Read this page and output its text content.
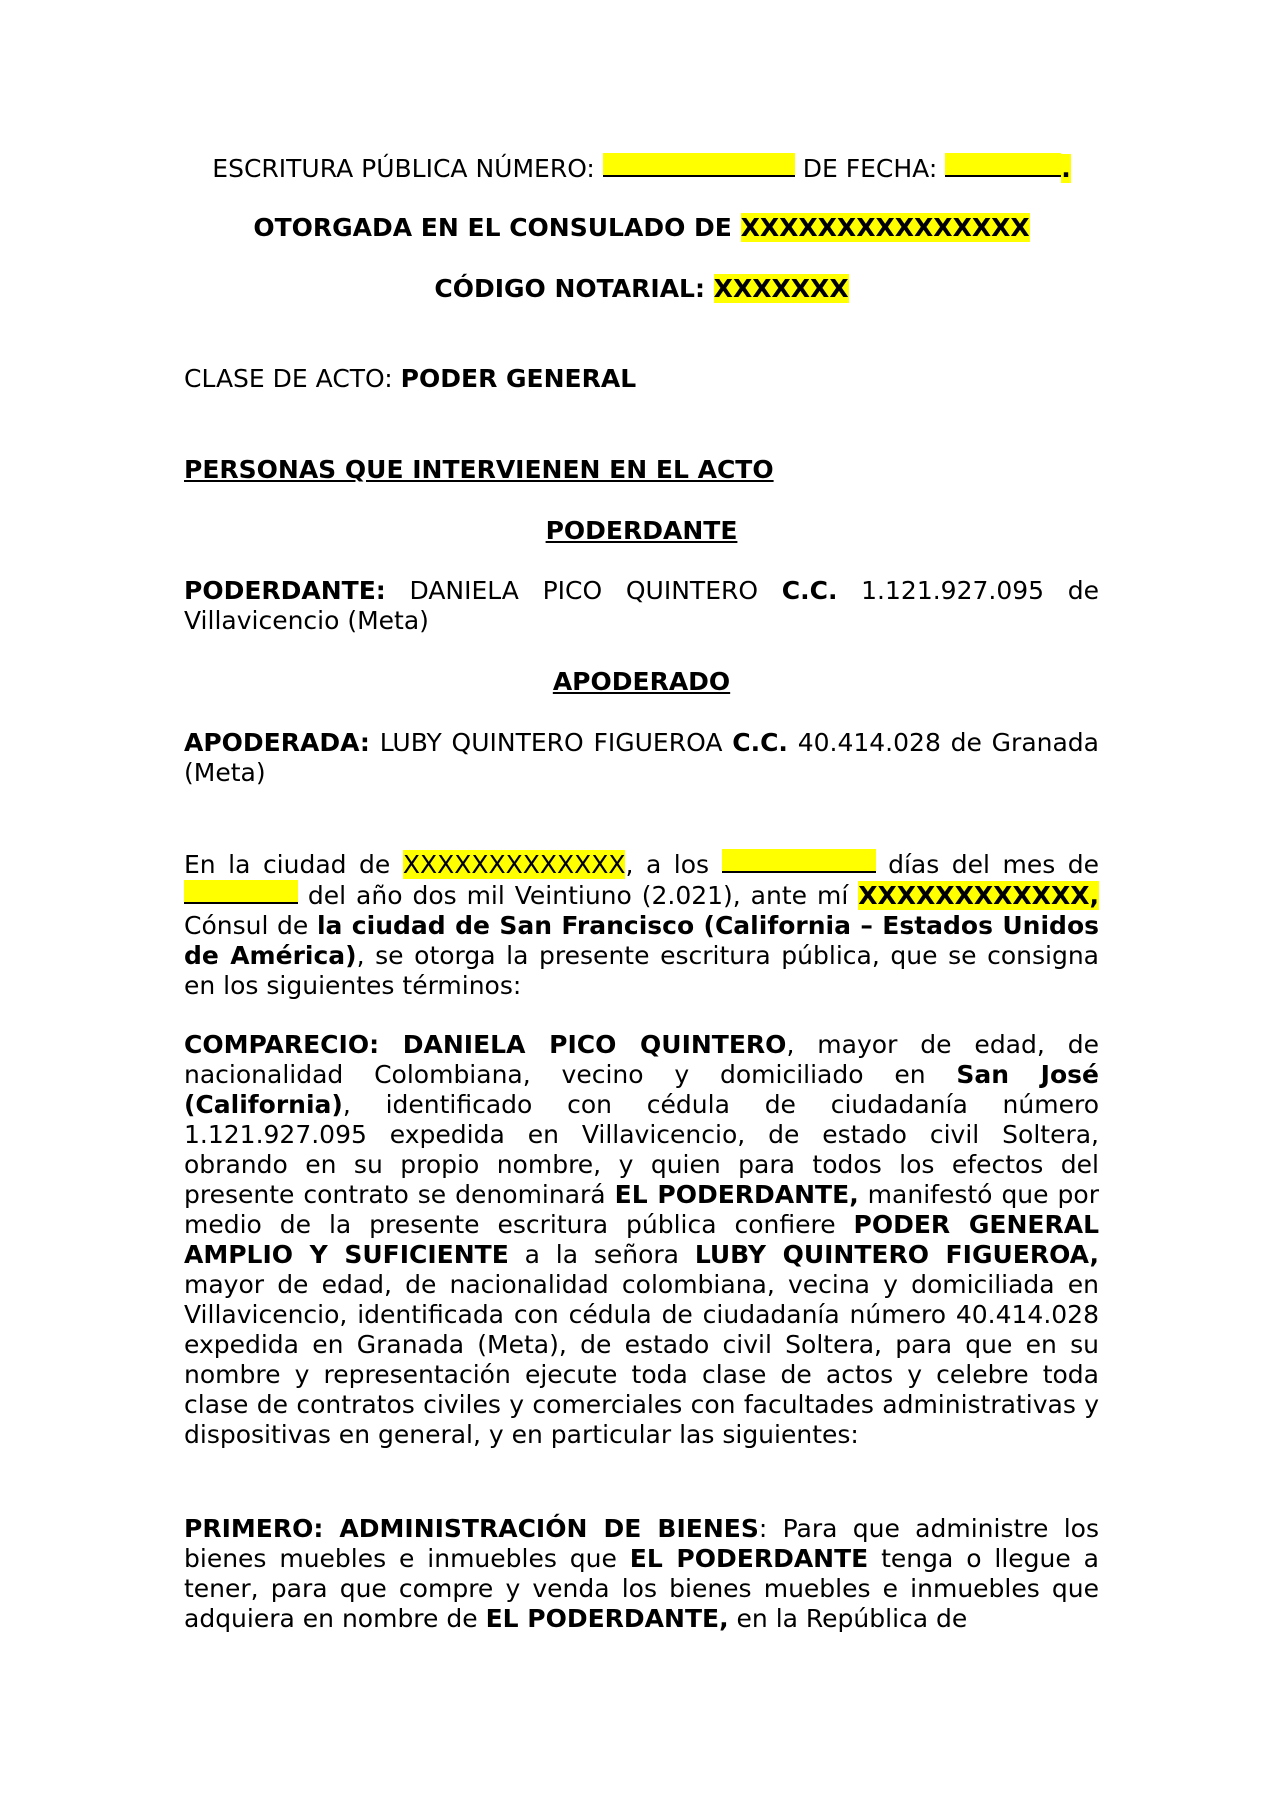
ESCRITURA PÚBLICA NÚMERO:	DE FECHA:	.

OTORGADA EN EL CONSULADO DE XXXXXXXXXXXXXXX

CÓDIGO NOTARIAL: XXXXXXX

CLASE DE ACTO: PODER GENERAL

PERSONAS QUE INTERVIENEN EN EL ACTO

PODERDANTE

PODERDANTE: DANIELA PICO QUINTERO C.C. 1.121.927.095 de Villavicencio (Meta)

APODERADO

APODERADA: LUBY QUINTERO FIGUEROA C.C. 40.414.028 de Granada (Meta)

En la ciudad de XXXXXXXXXXXXX, a los	días del mes de  del año dos mil Veintiuno (2.021), ante mí XXXXXXXXXXXX, Cónsul de la ciudad de San Francisco (California – Estados Unidos de América), se otorga la presente escritura pública, que se consigna en los siguientes términos:

COMPARECIO: DANIELA PICO QUINTERO, mayor de edad, de nacionalidad Colombiana, vecino y domiciliado en San José (California), identificado con cédula de ciudadanía número 1.121.927.095 expedida en Villavicencio, de estado civil Soltera, obrando en su propio nombre, y quien para todos los efectos del presente contrato se denominará EL PODERDANTE, manifestó que por medio de la presente escritura pública confiere PODER GENERAL AMPLIO Y SUFICIENTE a la señora LUBY QUINTERO FIGUEROA, mayor de edad, de nacionalidad colombiana, vecina y domiciliada en Villavicencio, identificada con cédula de ciudadanía número 40.414.028 expedida en Granada (Meta), de estado civil Soltera, para que en su nombre y representación ejecute toda clase de actos y celebre toda clase de contratos civiles y comerciales con facultades administrativas y dispositivas en general, y en particular las siguientes:

PRIMERO: ADMINISTRACIÓN DE BIENES: Para que administre los bienes muebles e inmuebles que EL PODERDANTE tenga o llegue a tener, para que compre y venda los bienes muebles e inmuebles que adquiera en nombre de EL PODERDANTE, en la República de
